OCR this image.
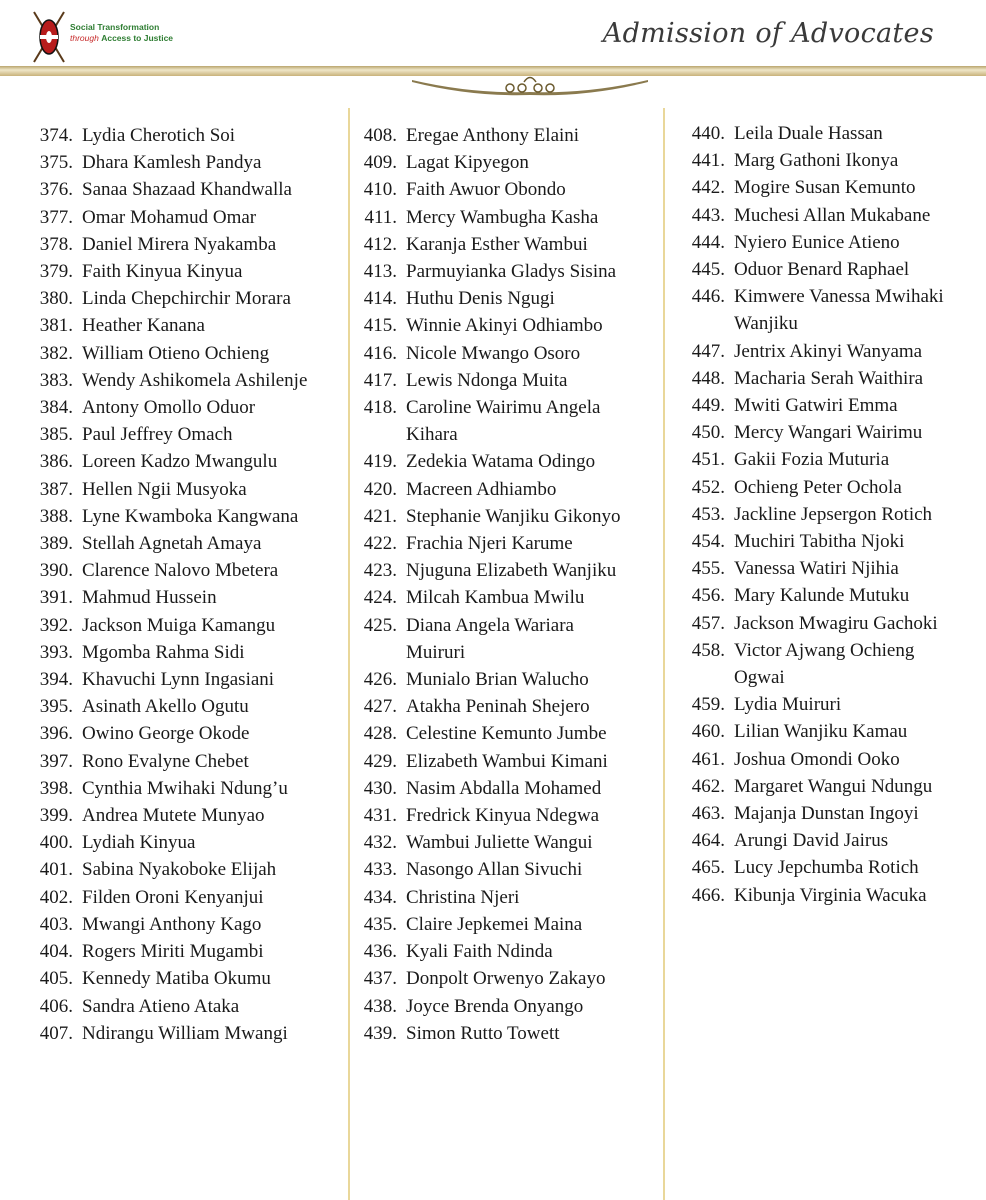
Social Transformation
through Access to Justice	Admission of Advocates
374. Lydia Cherotich Soi
375. Dhara Kamlesh Pandya
376. Sanaa Shazaad Khandwalla
377. Omar Mohamud Omar
378. Daniel Mirera Nyakamba
379. Faith Kinyua Kinyua
380. Linda Chepchirchir Morara
381. Heather Kanana
382. William Otieno Ochieng
383. Wendy Ashikomela Ashilenje
384. Antony Omollo Oduor
385. Paul Jeffrey Omach
386. Loreen Kadzo Mwangulu
387. Hellen Ngii Musyoka
388. Lyne Kwamboka Kangwana
389. Stellah Agnetah Amaya
390. Clarence Nalovo Mbetera
391. Mahmud Hussein
392. Jackson Muiga Kamangu
393. Mgomba Rahma Sidi
394. Khavuchi Lynn Ingasiani
395. Asinath Akello Ogutu
396. Owino George Okode
397. Rono Evalyne Chebet
398. Cynthia Mwihaki Ndung’u
399. Andrea Mutete Munyao
400. Lydiah Kinyua
401. Sabina Nyakoboke Elijah
402. Filden Oroni Kenyanjui
403. Mwangi Anthony Kago
404. Rogers Miriti Mugambi
405. Kennedy Matiba Okumu
406. Sandra Atieno Ataka
407. Ndirangu William Mwangi
408. Eregae Anthony Elaini
409. Lagat Kipyegon
410. Faith Awuor Obondo
411. Mercy Wambugha Kasha
412. Karanja Esther Wambui
413. Parmuyianka Gladys Sisina
414. Huthu Denis Ngugi
415. Winnie Akinyi Odhiambo
416. Nicole Mwango Osoro
417. Lewis Ndonga Muita
418. Caroline Wairimu Angela Kihara
419. Zedekia Watama Odingo
420. Macreen Adhiambo
421. Stephanie Wanjiku Gikonyo
422. Frachia Njeri Karume
423. Njuguna Elizabeth Wanjiku
424. Milcah Kambua Mwilu
425. Diana Angela Wariara Muiruri
426. Munialo Brian Walucho
427. Atakha Peninah Shejero
428. Celestine Kemunto Jumbe
429. Elizabeth Wambui Kimani
430. Nasim Abdalla Mohamed
431. Fredrick Kinyua Ndegwa
432. Wambui Juliette Wangui
433. Nasongo Allan Sivuchi
434. Christina Njeri
435. Claire Jepkemei Maina
436. Kyali Faith Ndinda
437. Donpolt Orwenyo Zakayo
438. Joyce Brenda Onyango
439. Simon Rutto Towett
440. Leila Duale Hassan
441. Marg Gathoni Ikonya
442. Mogire Susan Kemunto
443. Muchesi Allan Mukabane
444. Nyiero Eunice Atieno
445. Oduor Benard Raphael
446. Kimwere Vanessa Mwihaki Wanjiku
447. Jentrix Akinyi Wanyama
448. Macharia Serah Waithira
449. Mwiti Gatwiri Emma
450. Mercy Wangari Wairimu
451. Gakii Fozia Muturia
452. Ochieng Peter Ochola
453. Jackline Jepsergon Rotich
454. Muchiri Tabitha Njoki
455. Vanessa Watiri Njihia
456. Mary Kalunde Mutuku
457. Jackson Mwagiru Gachoki
458. Victor Ajwang Ochieng Ogwai
459. Lydia Muiruri
460. Lilian Wanjiku Kamau
461. Joshua Omondi Ooko
462. Margaret Wangui Ndungu
463. Majanja Dunstan Ingoyi
464. Arungi David Jairus
465. Lucy Jepchumba Rotich
466. Kibunja Virginia Wacuka
